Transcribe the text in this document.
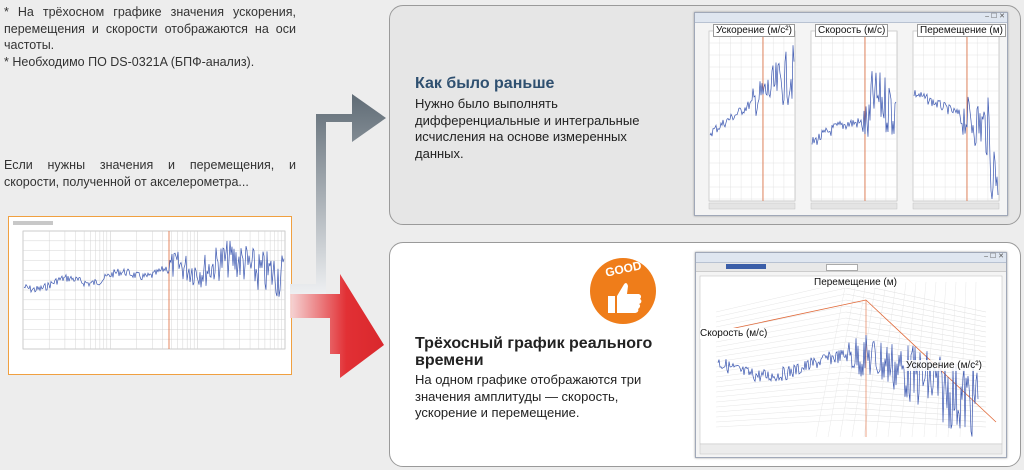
* На трёхосном графике значения ускорения, перемещения и скорости отображаются на оси частоты.

* Необходимо ПО DS-0321A (БПФ-анализ).

Если нужны значения и перемещения, и скорости, полученной от акселерометра...
Как было раньше
Нужно было выполнять дифференциальные и интегральные исчисления на основе измеренных данных.
– ☐ ✕
Ускорение (м/с²)	Скорость (м/с)	Перемещение (м)
GOOD
Трёхосный график реального времени
На одном графике отображаются три значения амплитуды — скорость, ускорение и перемещение.
– ☐ ✕
Перемещение (м)
Скорость (м/с)
Ускорение (м/с²)
